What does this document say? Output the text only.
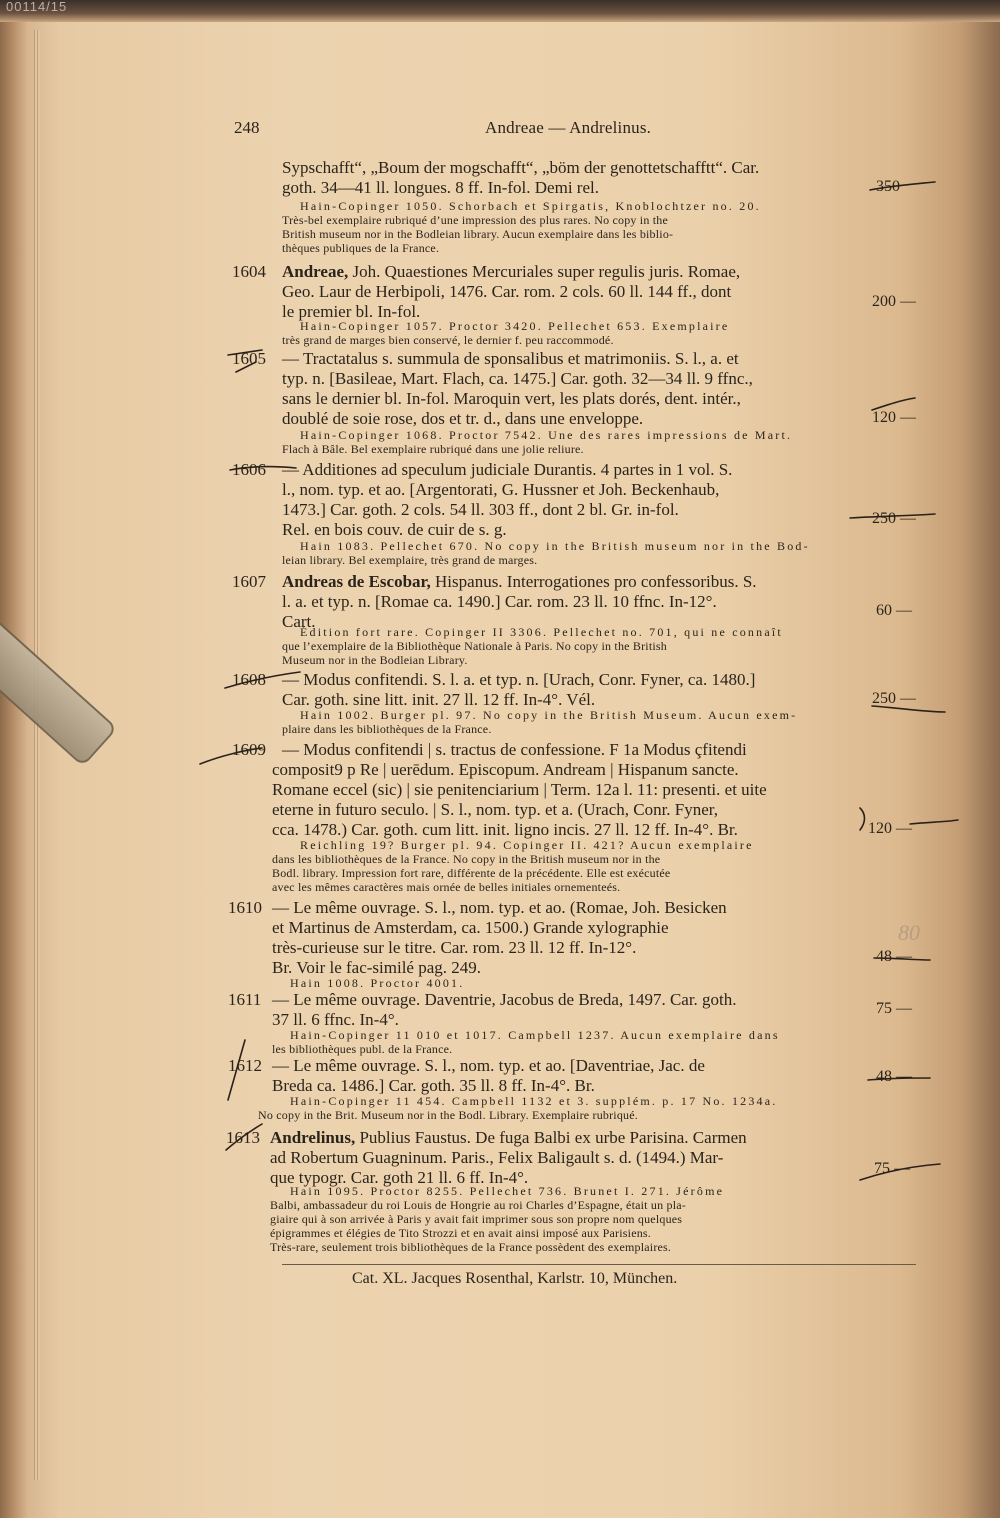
00114/15
248	Andreae — Andrelinus.
Sypschafft“, „Boum der mogschafft“, „böm der genottetschafftt“. Car.
goth. 34—41 ll. longues. 8 ff. In-fol. Demi rel.
Hain-Copinger 1050. Schorbach et Spirgatis, Knoblochtzer no. 20.
Très-bel exemplaire rubriqué d’une impression des plus rares. No copy in the
British museum nor in the Bodleian library. Aucun exemplaire dans les biblio-
thèques publiques de la France.
350
1604 Andreae, Joh. Quaestiones Mercuriales super regulis juris. Romae,
Geo. Laur de Herbipoli, 1476. Car. rom. 2 cols. 60 ll. 144 ff., dont
le premier bl. In-fol.
Hain-Copinger 1057. Proctor 3420. Pellechet 653. Exemplaire
très grand de marges bien conservé, le dernier f. peu raccommodé.
200 —
1605 — Tractatalus s. summula de sponsalibus et matrimoniis. S. l., a. et
typ. n. [Basileae, Mart. Flach, ca. 1475.] Car. goth. 32—34 ll. 9 ffnc.,
sans le dernier bl. In-fol. Maroquin vert, les plats dorés, dent. intér.,
doublé de soie rose, dos et tr. d., dans une enveloppe.
Hain-Copinger 1068. Proctor 7542. Une des rares impressions de Mart.
Flach à Bâle. Bel exemplaire rubriqué dans une jolie reliure.
120 —
1606 — Additiones ad speculum judiciale Durantis. 4 partes in 1 vol. S.
l., nom. typ. et ao. [Argentorati, G. Hussner et Joh. Beckenhaub,
1473.] Car. goth. 2 cols. 54 ll. 303 ff., dont 2 bl. Gr. in-fol.
Rel. en bois couv. de cuir de s. g.
Hain 1083. Pellechet 670. No copy in the British museum nor in the Bod-
leian library. Bel exemplaire, très grand de marges.
250 —
1607 Andreas de Escobar, Hispanus. Interrogationes pro confessoribus. S.
l. a. et typ. n. [Romae ca. 1490.] Car. rom. 23 ll. 10 ffnc. In-12°.
Cart.
Édition fort rare. Copinger II 3306. Pellechet no. 701, qui ne connaît
que l’exemplaire de la Bibliothèque Nationale à Paris. No copy in the British
Museum nor in the Bodleian Library.
60 —
1608 — Modus confitendi. S. l. a. et typ. n. [Urach, Conr. Fyner, ca. 1480.]
Car. goth. sine litt. init. 27 ll. 12 ff. In-4°. Vél.
Hain 1002. Burger pl. 97. No copy in the British Museum. Aucun exem-
plaire dans les bibliothèques de la France.
250 —
1609 — Modus confitendi | s. tractus de confessione. F 1a Modus çfitendi
composit9 p Re | uerēdum. Episcopum. Andream | Hispanum sancte.
Romane eccel (sic) | sie penitenciarium | Term. 12a l. 11: presenti. et uite
eterne in futuro seculo. | S. l., nom. typ. et a. (Urach, Conr. Fyner,
cca. 1478.) Car. goth. cum litt. init. ligno incis. 27 ll. 12 ff. In-4°. Br.
Reichling 19? Burger pl. 94. Copinger II. 421? Aucun exemplaire
dans les bibliothèques de la France. No copy in the British museum nor in the
Bodl. library. Impression fort rare, différente de la précédente. Elle est exécutée
avec les mêmes caractères mais ornée de belles initiales ornementeés.
120 —
1610 — Le même ouvrage. S. l., nom. typ. et ao. (Romae, Joh. Besicken
et Martinus de Amsterdam, ca. 1500.) Grande xylographie
très-curieuse sur le titre. Car. rom. 23 ll. 12 ff. In-12°.
Br. Voir le fac-similé pag. 249.
Hain 1008. Proctor 4001.
48 —
80
1611 — Le même ouvrage. Daventrie, Jacobus de Breda, 1497. Car. goth.
37 ll. 6 ffnc. In-4°.
Hain-Copinger 11 010 et 1017. Campbell 1237. Aucun exemplaire dans
les bibliothèques publ. de la France.
75 —
1612 — Le même ouvrage. S. l., nom. typ. et ao. [Daventriae, Jac. de
Breda ca. 1486.] Car. goth. 35 ll. 8 ff. In-4°. Br.
Hain-Copinger 11 454. Campbell 1132 et 3. supplém. p. 17 No. 1234a.
No copy in the Brit. Museum nor in the Bodl. Library. Exemplaire rubriqué.
48 —
1613 Andrelinus, Publius Faustus. De fuga Balbi ex urbe Parisina. Carmen
ad Robertum Guagninum. Paris., Felix Baligault s. d. (1494.) Mar-
que typogr. Car. goth 21 ll. 6 ff. In-4°.
Hain 1095. Proctor 8255. Pellechet 736. Brunet I. 271. Jérôme
Balbi, ambassadeur du roi Louis de Hongrie au roi Charles d’Espagne, était un pla-
giaire qui à son arrivée à Paris y avait fait imprimer sous son propre nom quelques
épigrammes et élégies de Tito Strozzi et en avait ainsi imposé aux Parisiens.
Très-rare, seulement trois bibliothèques de la France possèdent des exemplaires.
75 —
Cat. XL. Jacques Rosenthal, Karlstr. 10, München.
